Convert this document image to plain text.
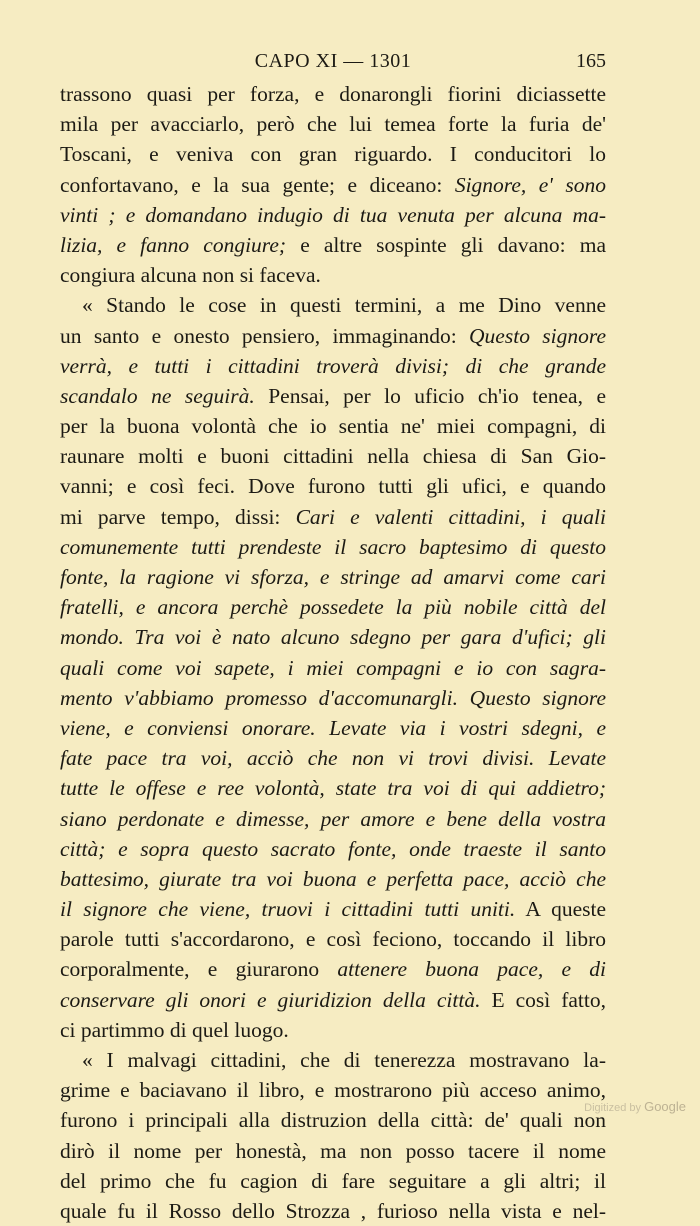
CAPO XI — 1301	165
trassono quasi per forza, e donarongli fiorini diciassette
mila per avacciarlo, però che lui temea forte la furia de'
Toscani, e veniva con gran riguardo. I conducitori lo
confortavano, e la sua gente; e diceano: Signore, e' sono
vinti ; e domandano indugio di tua venuta per alcuna ma-
lizia, e fanno congiure; e altre sospinte gli davano: ma
congiura alcuna non si faceva.
« Stando le cose in questi termini, a me Dino venne
un santo e onesto pensiero, immaginando: Questo signore
verrà, e tutti i cittadini troverà divisi; di che grande
scandalo ne seguirà. Pensai, per lo uficio ch'io tenea, e
per la buona volontà che io sentia ne' miei compagni, di
raunare molti e buoni cittadini nella chiesa di San Gio-
vanni; e così feci. Dove furono tutti gli ufici, e quando
mi parve tempo, dissi: Cari e valenti cittadini, i quali
comunemente tutti prendeste il sacro baptesimo di questo
fonte, la ragione vi sforza, e stringe ad amarvi come cari
fratelli, e ancora perchè possedete la più nobile città del
mondo. Tra voi è nato alcuno sdegno per gara d'ufici; gli
quali come voi sapete, i miei compagni e io con sagra-
mento v'abbiamo promesso d'accomunargli. Questo signore
viene, e conviensi onorare. Levate via i vostri sdegni, e
fate pace tra voi, acciò che non vi trovi divisi. Levate
tutte le offese e ree volontà, state tra voi di qui addietro;
siano perdonate e dimesse, per amore e bene della vostra
città; e sopra questo sacrato fonte, onde traeste il santo
battesimo, giurate tra voi buona e perfetta pace, acciò che
il signore che viene, truovi i cittadini tutti uniti. A queste
parole tutti s'accordarono, e così feciono, toccando il libro
corporalmente, e giurarono attenere buona pace, e di
conservare gli onori e giuridizion della città. E così fatto,
ci partimmo di quel luogo.
« I malvagi cittadini, che di tenerezza mostravano la-
grime e baciavano il libro, e mostrarono più acceso animo,
furono i principali alla distruzion della città: de' quali non
dirò il nome per honestà, ma non posso tacere il nome
del primo che fu cagion di fare seguitare a gli altri; il
quale fu il Rosso dello Strozza , furioso nella vista e nel-
Digitized by Google
